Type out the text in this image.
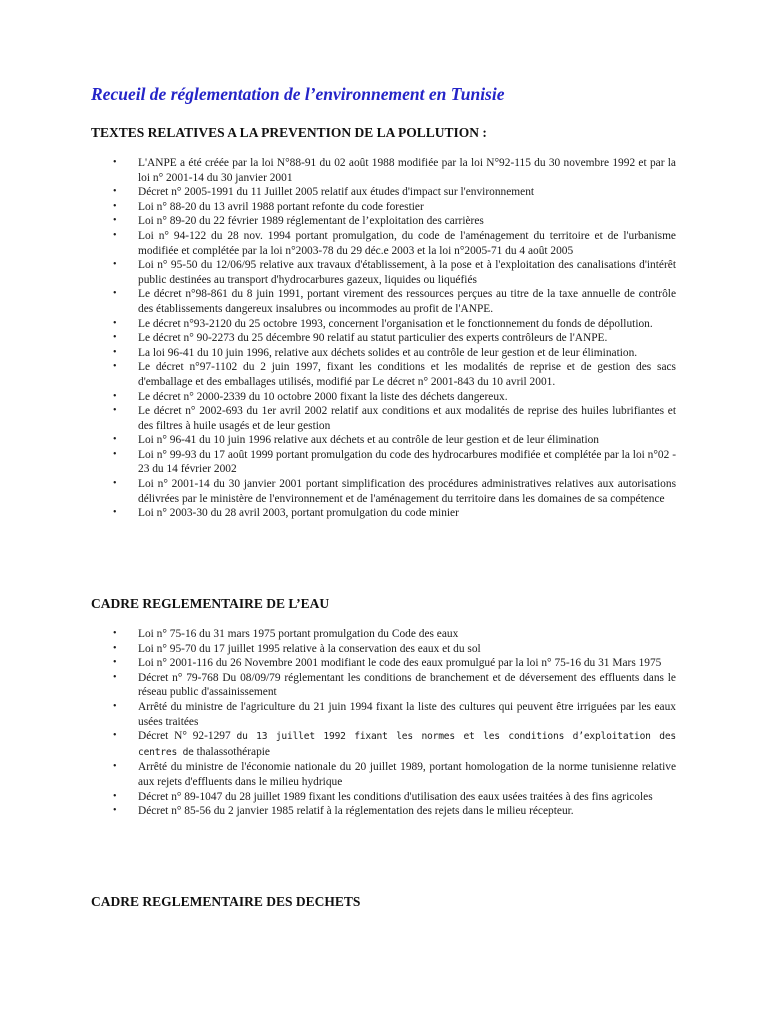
Recueil de réglementation de l’environnement en Tunisie
TEXTES RELATIVES A LA PREVENTION DE LA POLLUTION :
• L'ANPE a été créée par la loi N°88-91 du 02 août 1988 modifiée par la loi N°92-115 du 30 novembre 1992 et par la loi n° 2001-14 du 30 janvier 2001
• Décret n° 2005-1991 du 11 Juillet 2005 relatif aux études d'impact sur l'environnement
• Loi n° 88-20 du 13 avril 1988 portant refonte du code forestier
• Loi n° 89-20 du 22 février 1989 réglementant de l’exploitation des carrières
• Loi n° 94-122 du 28 nov. 1994 portant promulgation, du code de l'aménagement du territoire et de l'urbanisme modifiée et complétée par la loi n°2003-78 du 29 déc.e 2003 et la loi n°2005-71 du 4 août 2005
• Loi n° 95-50 du 12/06/95 relative aux travaux d'établissement, à la pose et à l'exploitation des canalisations d'intérêt public destinées au transport d'hydrocarbures gazeux, liquides ou liquéfiés
• Le décret n°98-861 du 8 juin 1991, portant virement des ressources perçues au titre de la taxe annuelle de contrôle des établissements dangereux insalubres ou incommodes au profit de l'ANPE.
• Le décret n°93-2120 du 25 octobre 1993, concernent l'organisation et le fonctionnement du fonds de dépollution.
• Le décret n° 90-2273 du 25 décembre 90 relatif au statut particulier des experts contrôleurs de l'ANPE.
• La loi 96-41 du 10 juin 1996, relative aux déchets solides et au contrôle de leur gestion et de leur élimination.
• Le décret n°97-1102 du 2 juin 1997, fixant les conditions et les modalités de reprise et de gestion des sacs d'emballage et des emballages utilisés, modifié par Le décret n° 2001-843 du 10 avril 2001.
• Le décret n° 2000-2339 du 10 octobre 2000 fixant la liste des déchets dangereux.
• Le décret n° 2002-693 du 1er avril 2002 relatif aux conditions et aux modalités de reprise des huiles lubrifiantes et des filtres à huile usagés et de leur gestion
• Loi n° 96-41 du 10 juin 1996 relative aux déchets et au contrôle de leur gestion et de leur élimination
• Loi n° 99-93 du 17 août 1999 portant promulgation du code des hydrocarbures modifiée et complétée par la loi n°02 - 23 du 14 février 2002
• Loi n° 2001-14 du 30 janvier 2001 portant simplification des procédures administratives relatives aux autorisations délivrées par le ministère de l'environnement et de l'aménagement du territoire dans les domaines de sa compétence
• Loi n° 2003-30 du 28 avril 2003, portant promulgation du code minier
CADRE REGLEMENTAIRE DE L’EAU
• Loi n° 75-16 du 31 mars 1975 portant promulgation du Code des eaux
• Loi n° 95-70 du 17 juillet 1995 relative à la conservation des eaux et du sol
• Loi n° 2001-116 du 26 Novembre 2001 modifiant le code des eaux promulgué par la loi n° 75-16 du 31 Mars 1975
• Décret n° 79-768 Du 08/09/79 réglementant les conditions de branchement et de déversement des effluents dans le réseau public d'assainissement
• Arrêté du ministre de l'agriculture du 21 juin 1994 fixant la liste des cultures qui peuvent être irriguées par les eaux usées traitées
• Décret N° 92-1297 du 13 juillet 1992 fixant les normes et les conditions d’exploitation des centres de thalassothérapie
• Arrêté du ministre de l'économie nationale du 20 juillet 1989, portant homologation de la norme tunisienne relative aux rejets d'effluents dans le milieu hydrique
• Décret n° 89-1047 du 28 juillet 1989 fixant les conditions d'utilisation des eaux usées traitées à des fins agricoles
• Décret n° 85-56 du 2 janvier 1985 relatif à la réglementation des rejets dans le milieu récepteur.
CADRE REGLEMENTAIRE DES DECHETS
